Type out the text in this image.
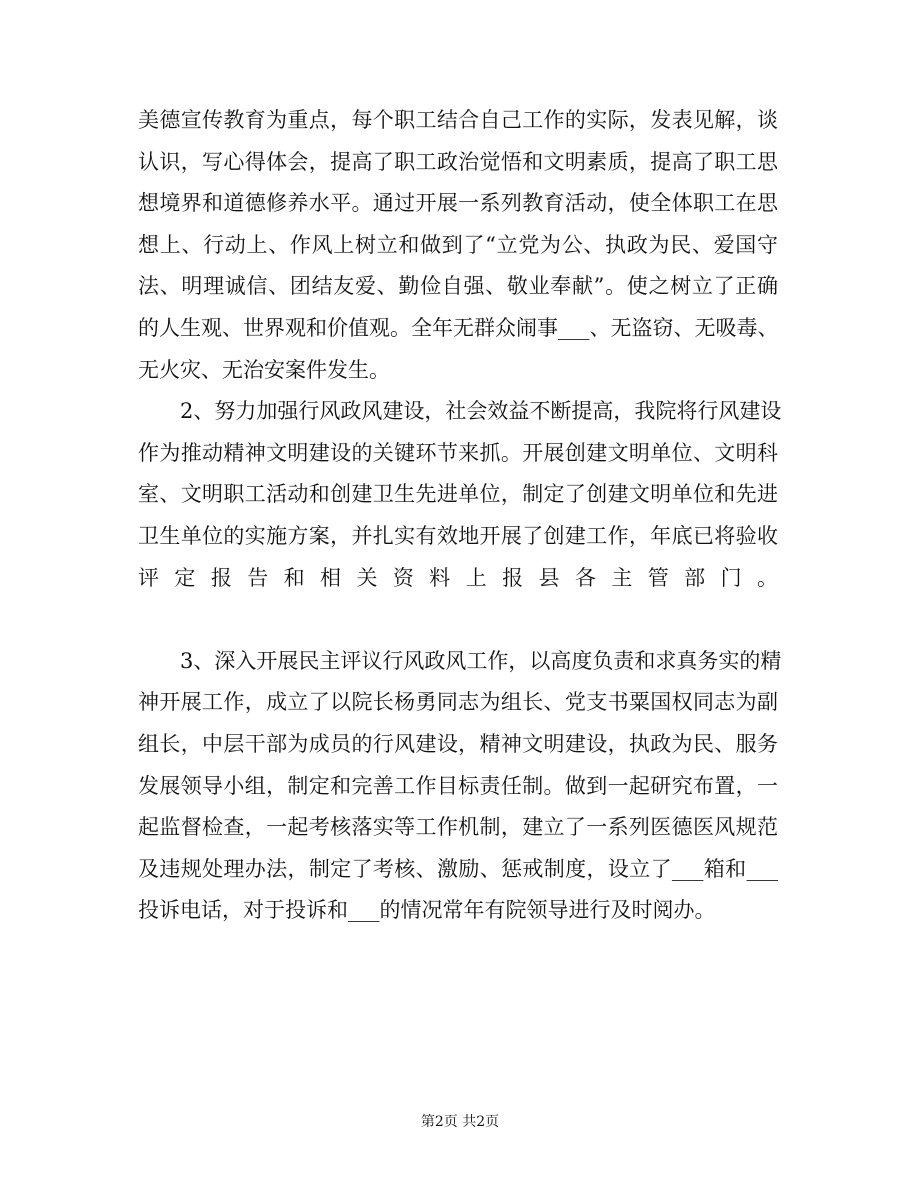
美德宣传教育为重点，每个职工结合自己工作的实际，发表见解，谈
认识，写心得体会，提高了职工政治觉悟和文明素质，提高了职工思
想境界和道德修养水平。通过开展一系列教育活动，使全体职工在思
想上、行动上、作风上树立和做到了“立党为公、执政为民、爱国守
法、明理诚信、团结友爱、勤俭自强、敬业奉献”。使之树立了正确
的人生观、世界观和价值观。全年无群众闹事___、无盗窃、无吸毒、
无火灾、无治安案件发生。
　　2、努力加强行风政风建设，社会效益不断提高，我院将行风建设
作为推动精神文明建设的关键环节来抓。开展创建文明单位、文明科
室、文明职工活动和创建卫生先进单位，制定了创建文明单位和先进
卫生单位的实施方案，并扎实有效地开展了创建工作，年底已将验收
评定报告和相关资料上报县各主管部门。
　　3、深入开展民主评议行风政风工作，以高度负责和求真务实的精
神开展工作，成立了以院长杨勇同志为组长、党支书粟国权同志为副
组长，中层干部为成员的行风建设，精神文明建设，执政为民、服务
发展领导小组，制定和完善工作目标责任制。做到一起研究布置，一
起监督检查，一起考核落实等工作机制，建立了一系列医德医风规范
及违规处理办法，制定了考核、激励、惩戒制度，设立了___箱和___
投诉电话，对于投诉和___的情况常年有院领导进行及时阅办。
第2页 共2页
